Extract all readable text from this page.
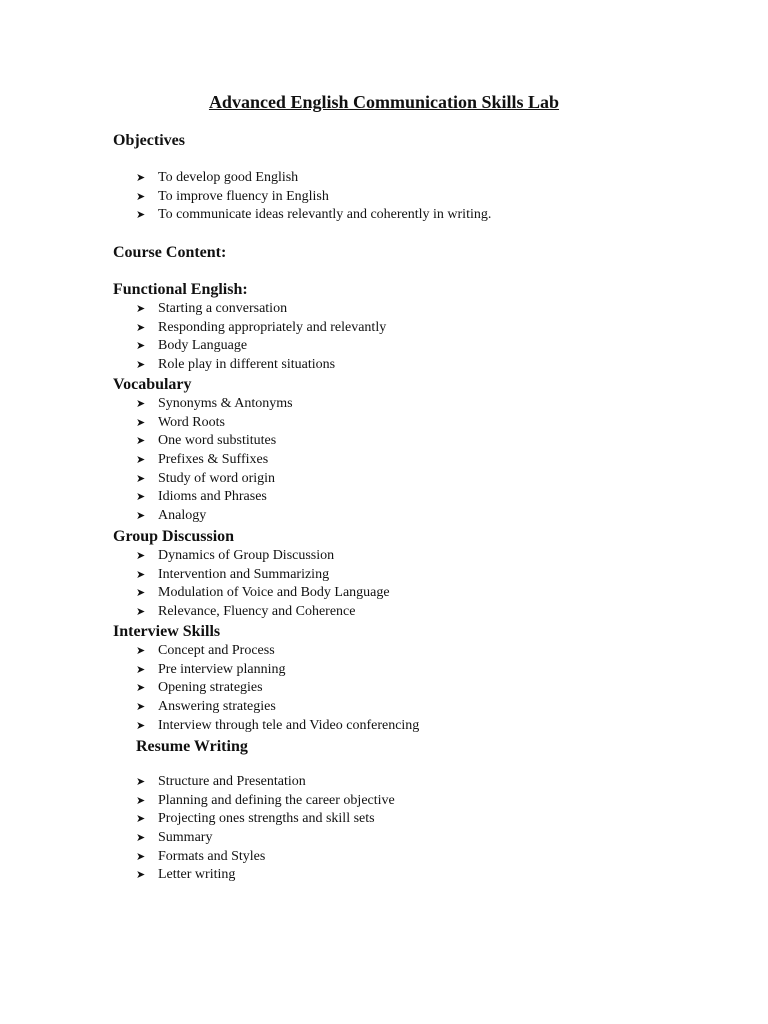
Advanced English Communication Skills Lab
Objectives
➤ To develop good English
➤ To improve fluency in English
➤ To communicate ideas relevantly and coherently in writing.
Course Content:
Functional English:
➤ Starting a conversation
➤ Responding appropriately and relevantly
➤ Body Language
➤ Role play in different situations
Vocabulary
➤ Synonyms & Antonyms
➤ Word Roots
➤ One word substitutes
➤ Prefixes & Suffixes
➤ Study of word origin
➤ Idioms and Phrases
➤ Analogy
Group Discussion
➤ Dynamics of Group Discussion
➤ Intervention and Summarizing
➤ Modulation of Voice and Body Language
➤ Relevance, Fluency and Coherence
Interview Skills
➤ Concept and Process
➤ Pre interview planning
➤ Opening strategies
➤ Answering strategies
➤ Interview through tele and Video conferencing
Resume Writing
➤ Structure and Presentation
➤ Planning and defining the career objective
➤ Projecting ones strengths and skill sets
➤ Summary
➤ Formats and Styles
➤ Letter writing
